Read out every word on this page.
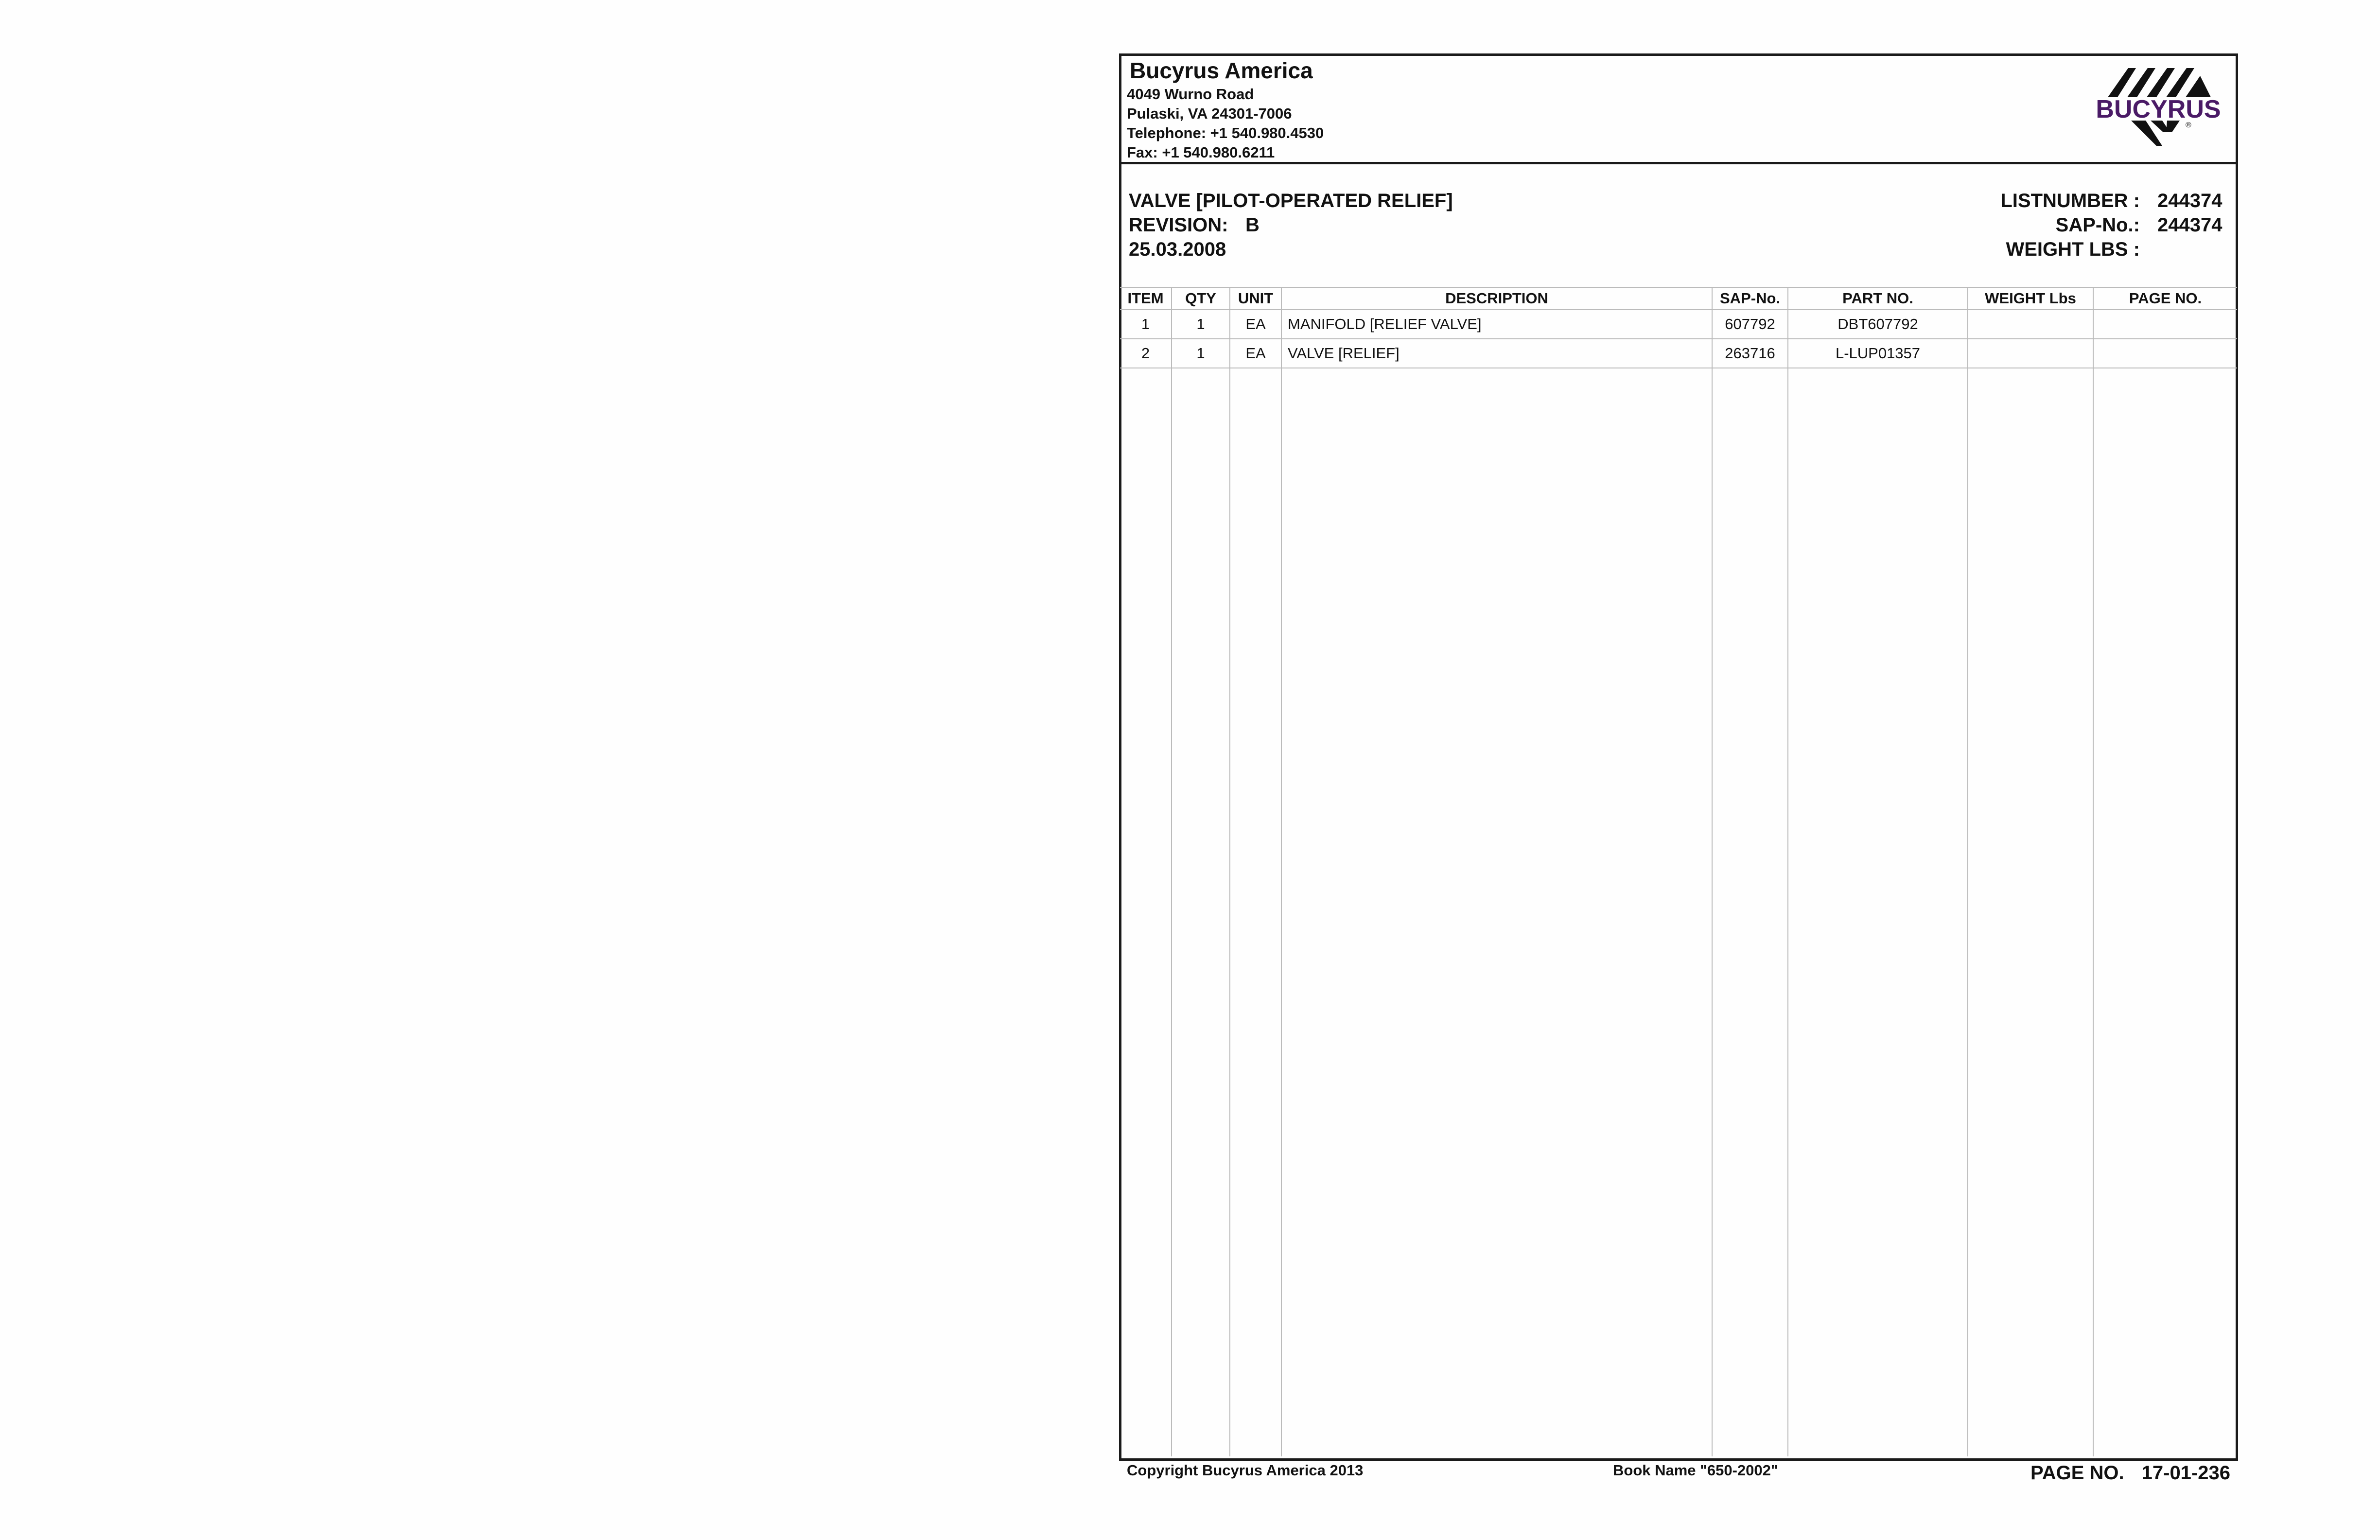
Bucyrus America
4049 Wurno Road
Pulaski, VA 24301-7006
Telephone: +1 540.980.4530
Fax: +1 540.980.6211
BUCYRUS
®
VALVE [PILOT-OPERATED RELIEF]
REVISION: B
25.03.2008
LISTNUMBER : 244374
SAP-No.: 244374
WEIGHT LBS :
ITEM	QTY	UNIT	DESCRIPTION	SAP-No.	PART NO.	WEIGHT Lbs	PAGE NO.
1	1	EA	MANIFOLD [RELIEF VALVE]	607792	DBT607792		
2	1	EA	VALVE [RELIEF]	263716	L-LUP01357		

Copyright Bucyrus America 2013	Book Name "650-2002"	PAGE NO. 17-01-236
